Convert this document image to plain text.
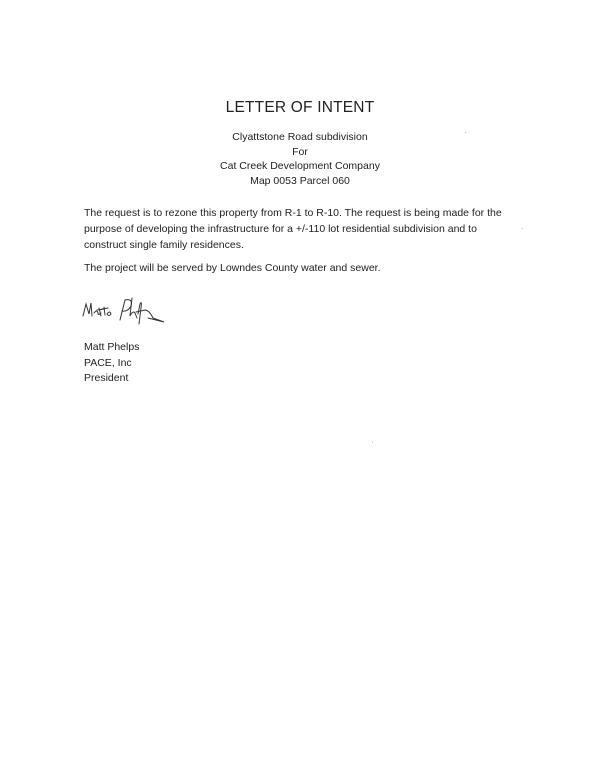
LETTER OF INTENT
Clyattstone Road subdivision
For
Cat Creek Development Company
Map 0053 Parcel 060
The request is to rezone this property from R-1 to R-10. The request is being made for the purpose of developing the infrastructure for a +/-110 lot residential subdivision and to construct single family residences.
The project will be served by Lowndes County water and sewer.
Matt Phelps
PACE, Inc
President
